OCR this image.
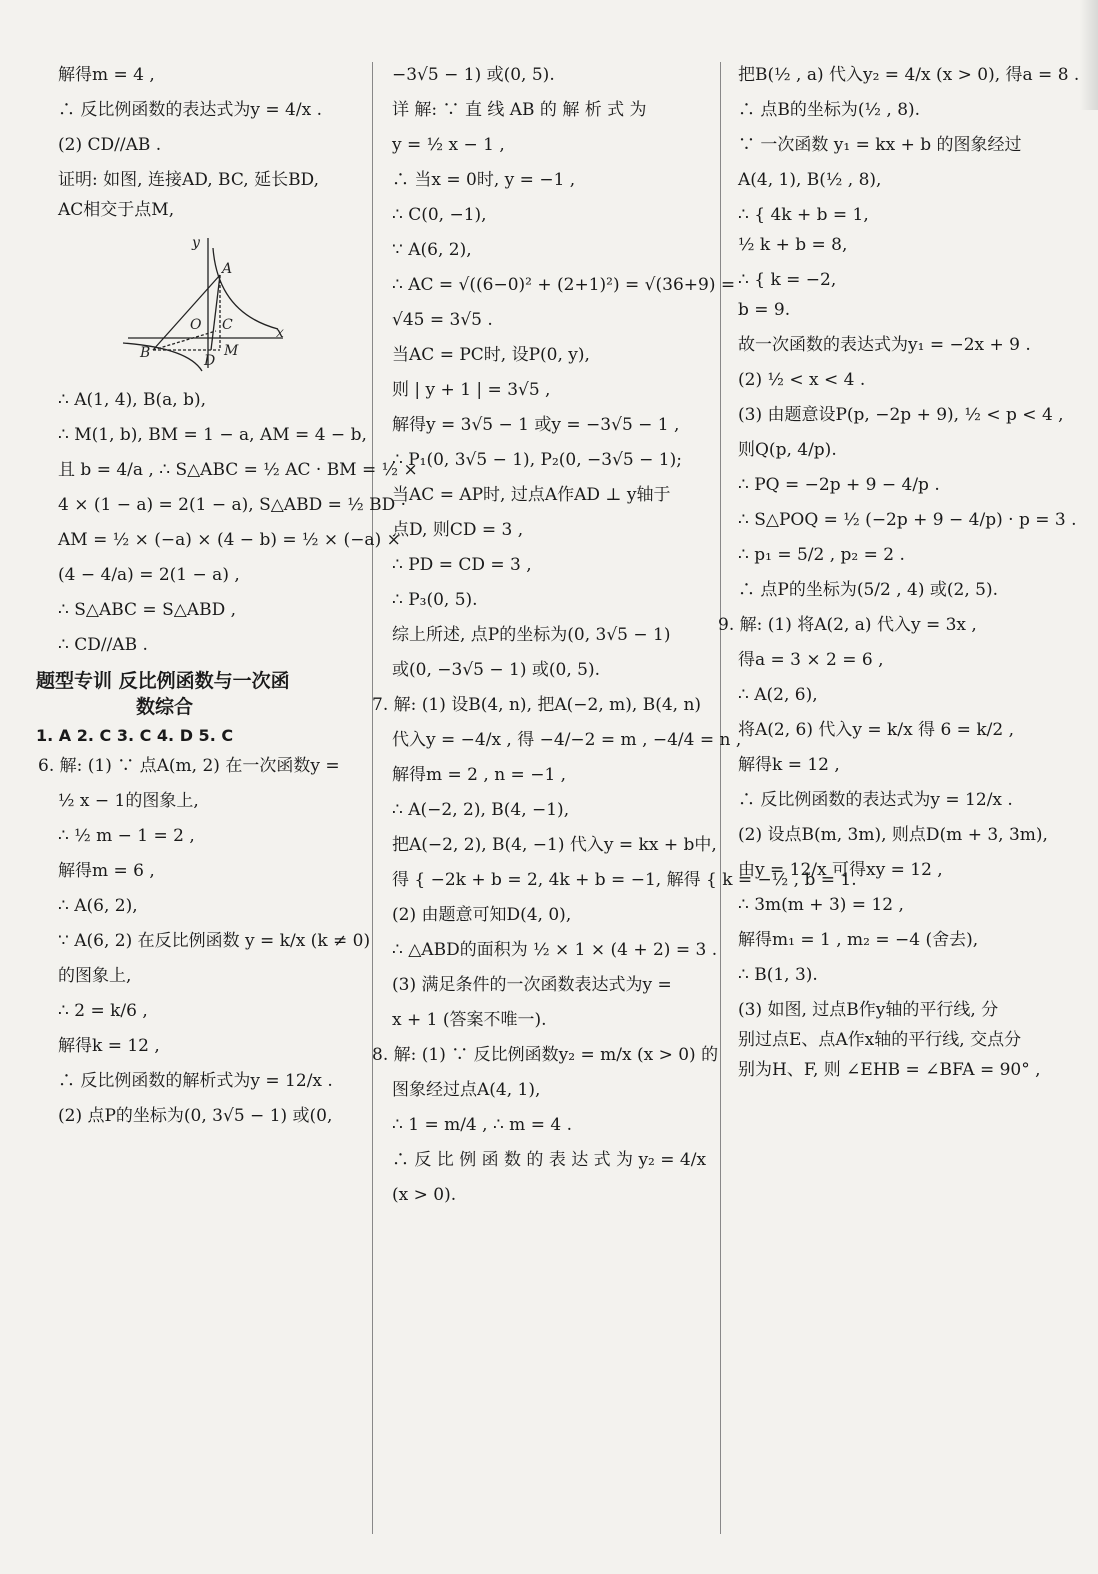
解得m = 4 ,
∴ 反比例函数的表达式为y = 4/x .
(2) CD//AB .
证明: 如图, 连接AD, BC, 延长BD,
AC相交于点M,
y
x
A
O C
B	D
M
∴ A(1, 4), B(a, b),
∴ M(1, b), BM = 1 − a, AM = 4 − b,
且 b = 4/a , ∴ S△ABC = ½ AC · BM = ½ ×
4 × (1 − a) = 2(1 − a), S△ABD = ½ BD ·
AM = ½ × (−a) × (4 − b) = ½ × (−a) ×
(4 − 4/a) = 2(1 − a) ,
∴ S△ABC = S△ABD ,
∴ CD//AB .
题型专训 反比例函数与一次函
数综合
1. A 2. C 3. C 4. D 5. C
6. 解: (1) ∵ 点A(m, 2) 在一次函数y =
½ x − 1的图象上,
∴ ½ m − 1 = 2 ,
解得m = 6 ,
∴ A(6, 2),
∵ A(6, 2) 在反比例函数 y = k/x (k ≠ 0)
的图象上,
∴ 2 = k/6 ,
解得k = 12 ,
∴ 反比例函数的解析式为y = 12/x .
(2) 点P的坐标为(0, 3√5 − 1) 或(0,
−3√5 − 1) 或(0, 5).
详 解: ∵ 直 线 AB 的 解 析 式 为
y = ½ x − 1 ,
∴ 当x = 0时, y = −1 ,
∴ C(0, −1),
∵ A(6, 2),
∴ AC = √((6−0)² + (2+1)²) = √(36+9) =
√45 = 3√5 .
当AC = PC时, 设P(0, y),
则 | y + 1 | = 3√5 ,
解得y = 3√5 − 1 或y = −3√5 − 1 ,
∴ P₁(0, 3√5 − 1), P₂(0, −3√5 − 1);
当AC = AP时, 过点A作AD ⊥ y轴于
点D, 则CD = 3 ,
∴ PD = CD = 3 ,
∴ P₃(0, 5).
综上所述, 点P的坐标为(0, 3√5 − 1)
或(0, −3√5 − 1) 或(0, 5).
7. 解: (1) 设B(4, n), 把A(−2, m), B(4, n)
代入y = −4/x , 得 −4/−2 = m , −4/4 = n ,
解得m = 2 , n = −1 ,
∴ A(−2, 2), B(4, −1),
把A(−2, 2), B(4, −1) 代入y = kx + b中,
得 { −2k + b = 2, 4k + b = −1, 解得 { k = −½ , b = 1.
(2) 由题意可知D(4, 0),
∴ △ABD的面积为 ½ × 1 × (4 + 2) = 3 .
(3) 满足条件的一次函数表达式为y =
x + 1 (答案不唯一).
8. 解: (1) ∵ 反比例函数y₂ = m/x (x > 0) 的
图象经过点A(4, 1),
∴ 1 = m/4 , ∴ m = 4 .
∴ 反 比 例 函 数 的 表 达 式 为 y₂ = 4/x
(x > 0).
把B(½ , a) 代入y₂ = 4/x (x > 0), 得a = 8 .
∴ 点B的坐标为(½ , 8).
∵ 一次函数 y₁ = kx + b 的图象经过
A(4, 1), B(½ , 8),
∴ { 4k + b = 1,
½ k + b = 8,
∴ { k = −2,
b = 9.
故一次函数的表达式为y₁ = −2x + 9 .
(2) ½ < x < 4 .
(3) 由题意设P(p, −2p + 9), ½ < p < 4 ,
则Q(p, 4/p).
∴ PQ = −2p + 9 − 4/p .
∴ S△POQ = ½ (−2p + 9 − 4/p) · p = 3 .
∴ p₁ = 5/2 , p₂ = 2 .
∴ 点P的坐标为(5/2 , 4) 或(2, 5).
9. 解: (1) 将A(2, a) 代入y = 3x ,
得a = 3 × 2 = 6 ,
∴ A(2, 6),
将A(2, 6) 代入y = k/x 得 6 = k/2 ,
解得k = 12 ,
∴ 反比例函数的表达式为y = 12/x .
(2) 设点B(m, 3m), 则点D(m + 3, 3m),
由y = 12/x 可得xy = 12 ,
∴ 3m(m + 3) = 12 ,
解得m₁ = 1 , m₂ = −4 (舍去),
∴ B(1, 3).
(3) 如图, 过点B作y轴的平行线, 分
别过点E、点A作x轴的平行线, 交点分
别为H、F, 则 ∠EHB = ∠BFA = 90° ,
